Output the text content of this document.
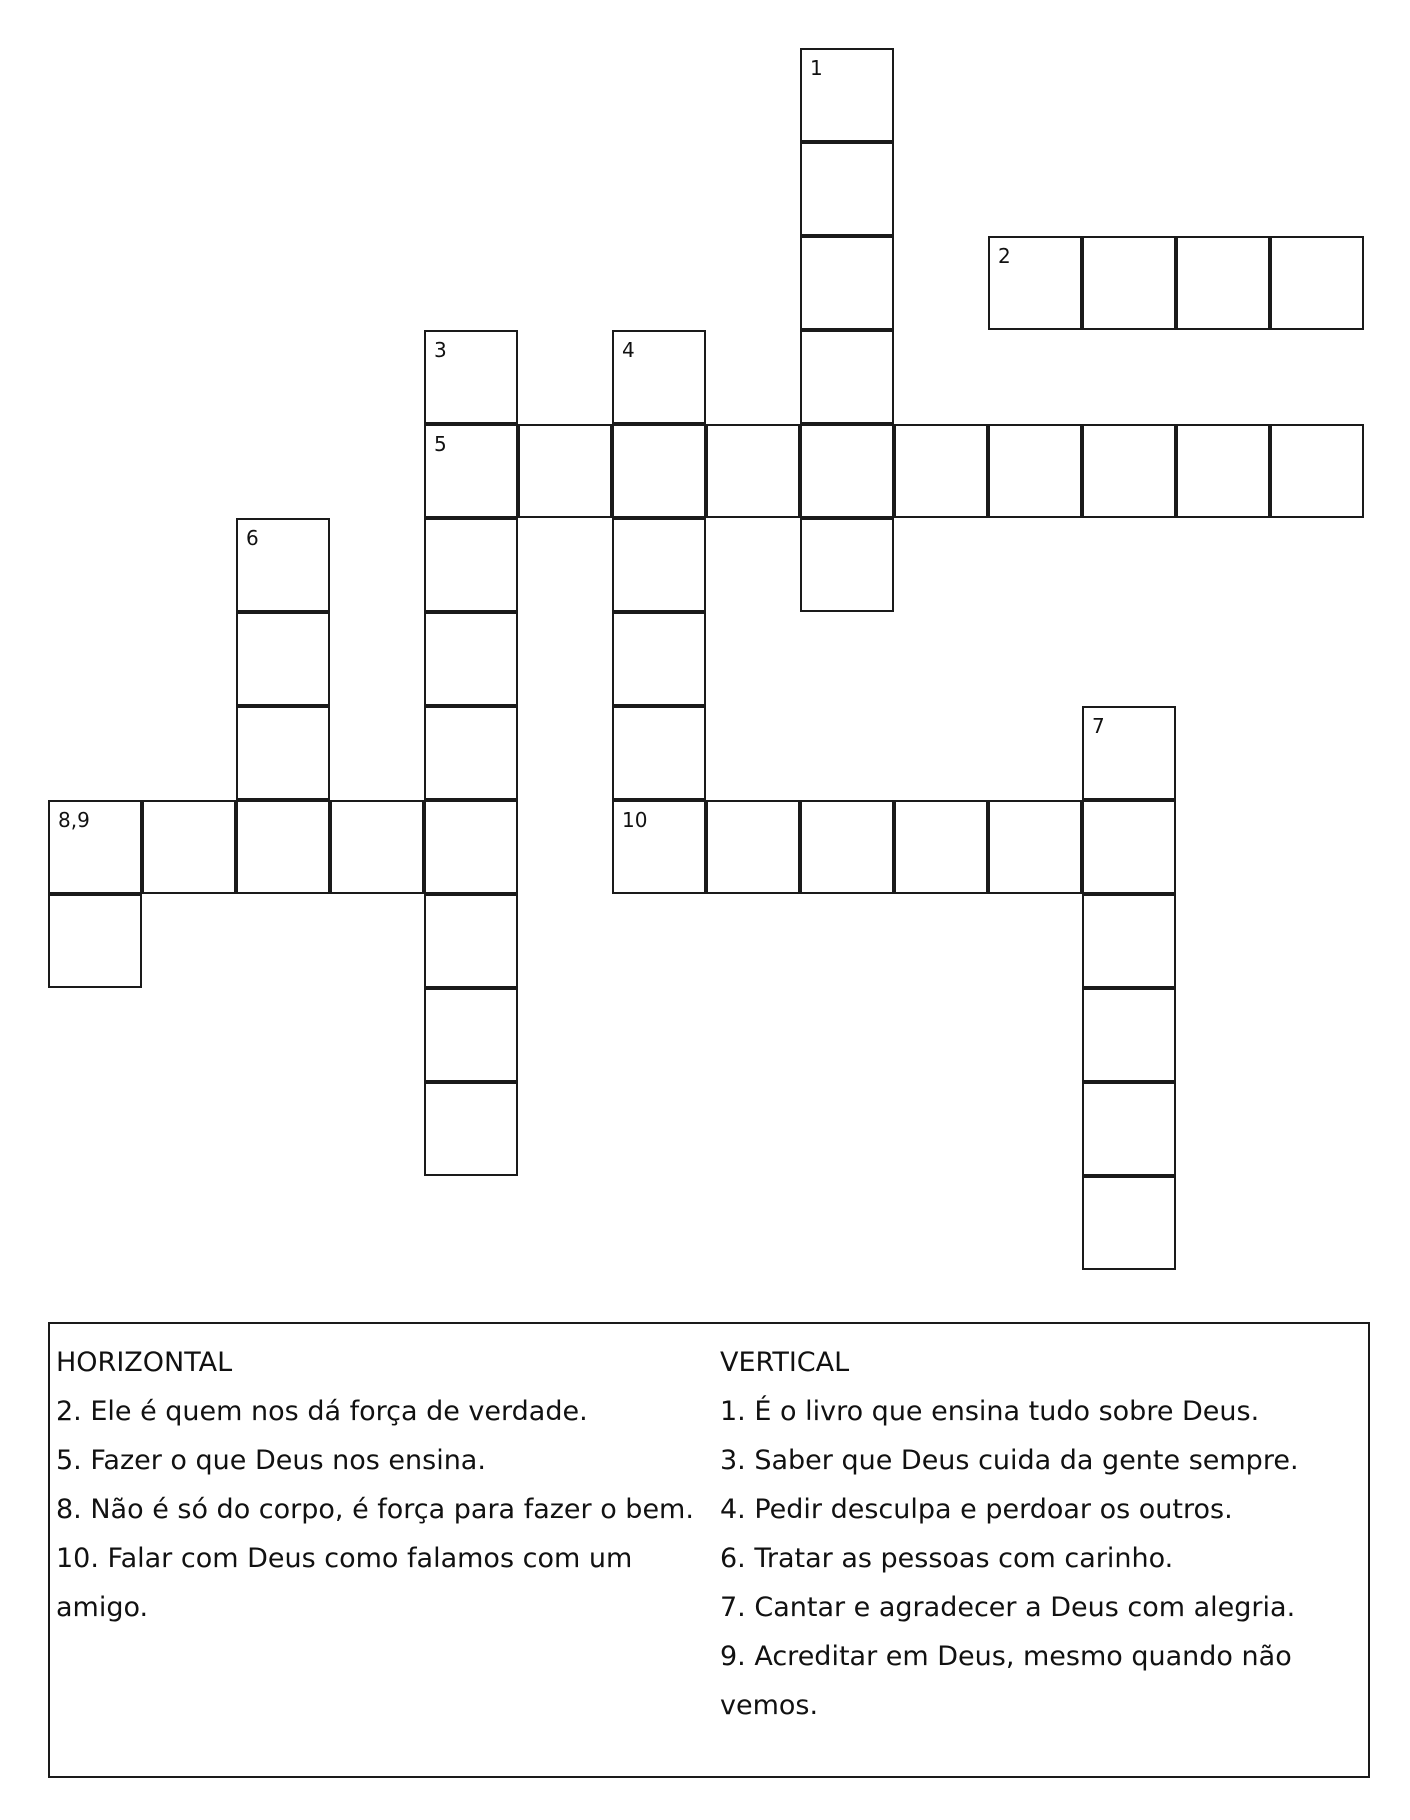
1
2
3	4
5
6
7
8,9	10
HORIZONTAL
2. Ele é quem nos dá força de verdade.
5. Fazer o que Deus nos ensina.
8. Não é só do corpo, é força para fazer o bem.
10. Falar com Deus como falamos com um
amigo.
VERTICAL
1. É o livro que ensina tudo sobre Deus.
3. Saber que Deus cuida da gente sempre.
4. Pedir desculpa e perdoar os outros.
6. Tratar as pessoas com carinho.
7. Cantar e agradecer a Deus com alegria.
9. Acreditar em Deus, mesmo quando não
vemos.
